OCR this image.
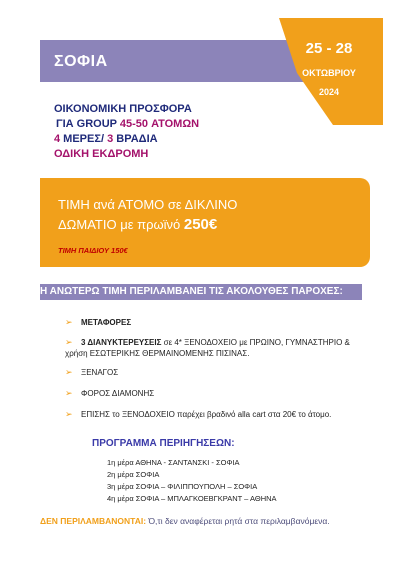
ΣΟΦΙΑ
25 - 28
ΟΚΤΩΒΡΙΟΥ
2024
ΟΙΚΟΝΟΜΙΚΗ ΠΡΟΣΦΟΡΑ
ΓΙΑ GROUP 45-50 ΑΤΟΜΩΝ
4 ΜΕΡΕΣ/ 3 ΒΡΑΔΙΑ
ΟΔΙΚΗ ΕΚΔΡΟΜΗ
ΤΙΜΗ ανά ΑΤΟΜΟ σε ΔΙΚΛΙΝΟ
ΔΩΜΑΤΙΟ με πρωϊνό 250€
ΤΙΜΗ ΠΑΙΔΙΟΥ 150€
Η ΑΝΩΤΕΡΩ ΤΙΜΗ ΠΕΡΙΛΑΜΒΑΝΕΙ ΤΙΣ ΑΚΟΛΟΥΘΕΣ ΠΑΡΟΧΕΣ:
➢ ΜΕΤΑΦΟΡΕΣ
➢ 3 ΔΙΑΝΥΚΤΕΡΕΥΣΕΙΣ σε 4* ΞΕΝΟΔΟΧΕΙΟ με ΠΡΩΙΝΟ, ΓΥΜΝΑΣΤΗΡΙΟ &
χρήση ΕΣΩΤΕΡΙΚΗΣ ΘΕΡΜΑΙΝΟΜΕΝΗΣ ΠΙΣΙΝΑΣ.
➢ ΞΕΝΑΓΟΣ
➢ ΦΟΡΟΣ ΔΙΑΜΟΝΗΣ
➢ ΕΠΙΣΗΣ το ΞΕΝΟΔΟΧΕΙΟ παρέχει βραδινό alla cart στα 20€ το άτομο.
ΠΡΟΓΡΑΜΜΑ ΠΕΡΙΗΓΗΣΕΩΝ:
1η μέρα ΑΘΗΝΑ - ΣΑΝΤΑΝΣΚΙ - ΣΟΦΙΑ
2η μέρα ΣΟΦΙΑ
3η μέρα ΣΟΦΙΑ – ΦΙΛΙΠΠΟΥΠΟΛΗ – ΣΟΦΙΑ
4η μέρα ΣΟΦΙΑ – ΜΠΛΑΓΚΟΕΒΓΚΡΑΝΤ – ΑΘΗΝΑ
ΔΕΝ ΠΕΡΙΛΑΜΒΑΝΟΝΤΑΙ: Ό,τι δεν αναφέρεται ρητά στα περιλαμβανόμενα.
